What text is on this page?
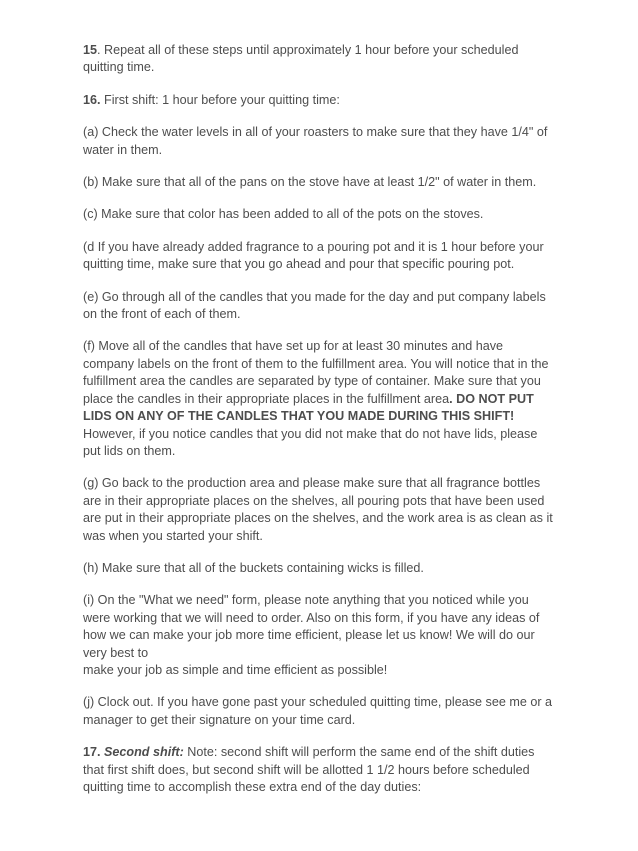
15. Repeat all of these steps until approximately 1 hour before your scheduled quitting time.

16. First shift: 1 hour before your quitting time:

(a) Check the water levels in all of your roasters to make sure that they have 1/4" of water in them.

(b) Make sure that all of the pans on the stove have at least 1/2" of water in them.

(c) Make sure that color has been added to all of the pots on the stoves.

(d If you have already added fragrance to a pouring pot and it is 1 hour before your quitting time, make sure that you go ahead and pour that specific pouring pot.

(e) Go through all of the candles that you made for the day and put company labels on the front of each of them.

(f) Move all of the candles that have set up for at least 30 minutes and have company labels on the front of them to the fulfillment area. You will notice that in the fulfillment area the candles are separated by type of container. Make sure that you place the candles in their appropriate places in the fulfillment area. DO NOT PUT LIDS ON ANY OF THE CANDLES THAT YOU MADE DURING THIS SHIFT! However, if you notice candles that you did not make that do not have lids, please put lids on them.

(g) Go back to the production area and please make sure that all fragrance bottles are in their appropriate places on the shelves, all pouring pots that have been used are put in their appropriate places on the shelves, and the work area is as clean as it was when you started your shift.

(h) Make sure that all of the buckets containing wicks is filled.

(i) On the "What we need" form, please note anything that you noticed while you were working that we will need to order. Also on this form, if you have any ideas of how we can make your job more time efficient, please let us know! We will do our very best to
make your job as simple and time efficient as possible!

(j) Clock out. If you have gone past your scheduled quitting time, please see me or a manager to get their signature on your time card.

17. Second shift: Note: second shift will perform the same end of the shift duties that first shift does, but second shift will be allotted 1 1/2 hours before scheduled quitting time to accomplish these extra end of the day duties:
